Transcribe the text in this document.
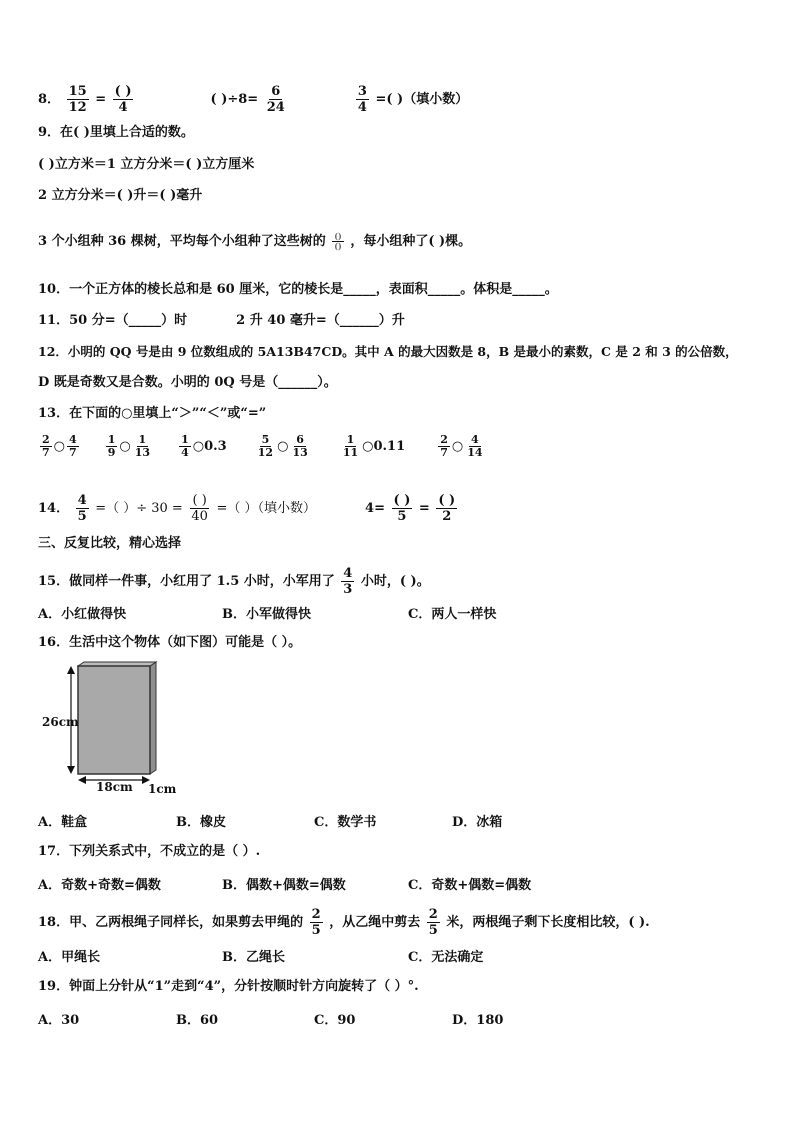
8． $\frac{15}{12} = \frac{( )}{4}$	( )$\div 8= \frac{6}{24}$
	$\frac{3}{4}$ =( )（填小数）
9．在( )里填上合适的数。
( )立方米＝1 立方分米＝( )立方厘米
2 立方分米＝( )升＝( )毫升
3 个小组种 36 棵树，平均每个小组种了这些树的 $\frac{()}{()}$ ，每小组种了( )棵。
10．一个正方体的棱长总和是 60 厘米，它的棱长是_____，表面积_____。体积是_____。
11．50 分=（_____）时	2 升 40 毫升=（______）升
12．小明的 QQ 号是由 9 位数组成的 5A13B47CD。其中 A 的最大因数是 8，B 是最小的素数，C 是 2 和 3 的公倍数，
D 既是奇数又是合数。小明的 0Q 号是（______）。
13．在下面的○里填上“＞”“＜”或“=”
$\frac{2}{7}$ ○ $\frac{4}{7}$
$\frac{1}{9}$ ○ $\frac{1}{13}$
$\frac{1}{4}$ ○0.3	$\frac{5}{12}$ ○ $\frac{6}{13}$
	$\frac{1}{11}$ ○0.11	$\frac{2}{7}$ ○ $\frac{4}{14}$
14． $\frac{4}{5}$ =（ ）÷ $30 = \frac{( )}{40}$ =（ ）（填小数）	$4= \frac{( )}{5} = \frac{( )}{2}$
三、反复比较，精心选择
15．做同样一件事，小红用了 1.5 小时，小军用了 $\frac{4}{3}$ 小时，( )。
A．小红做得快	B．小军做得快	C．两人一样快
16．生活中这个物体（如下图）可能是（ ）。
26cm
18cm 1cm
A．鞋盒	B．橡皮	C．数学书	D．冰箱
17．下列关系式中，不成立的是（ ）.
A．奇数+奇数=偶数	B．偶数+偶数=偶数	C．奇数+偶数=偶数
18．甲、乙两根绳子同样长，如果剪去甲绳的 $\frac{2}{5}$ ，从乙绳中剪去 $\frac{2}{5}$ 米，两根绳子剩下长度相比较，( ).
A．甲绳长	B．乙绳长	C．无法确定
19．钟面上分针从“1”走到“4”，分针按顺时针方向旋转了（ ）°.
A．30	B．60	C．90	D．180
